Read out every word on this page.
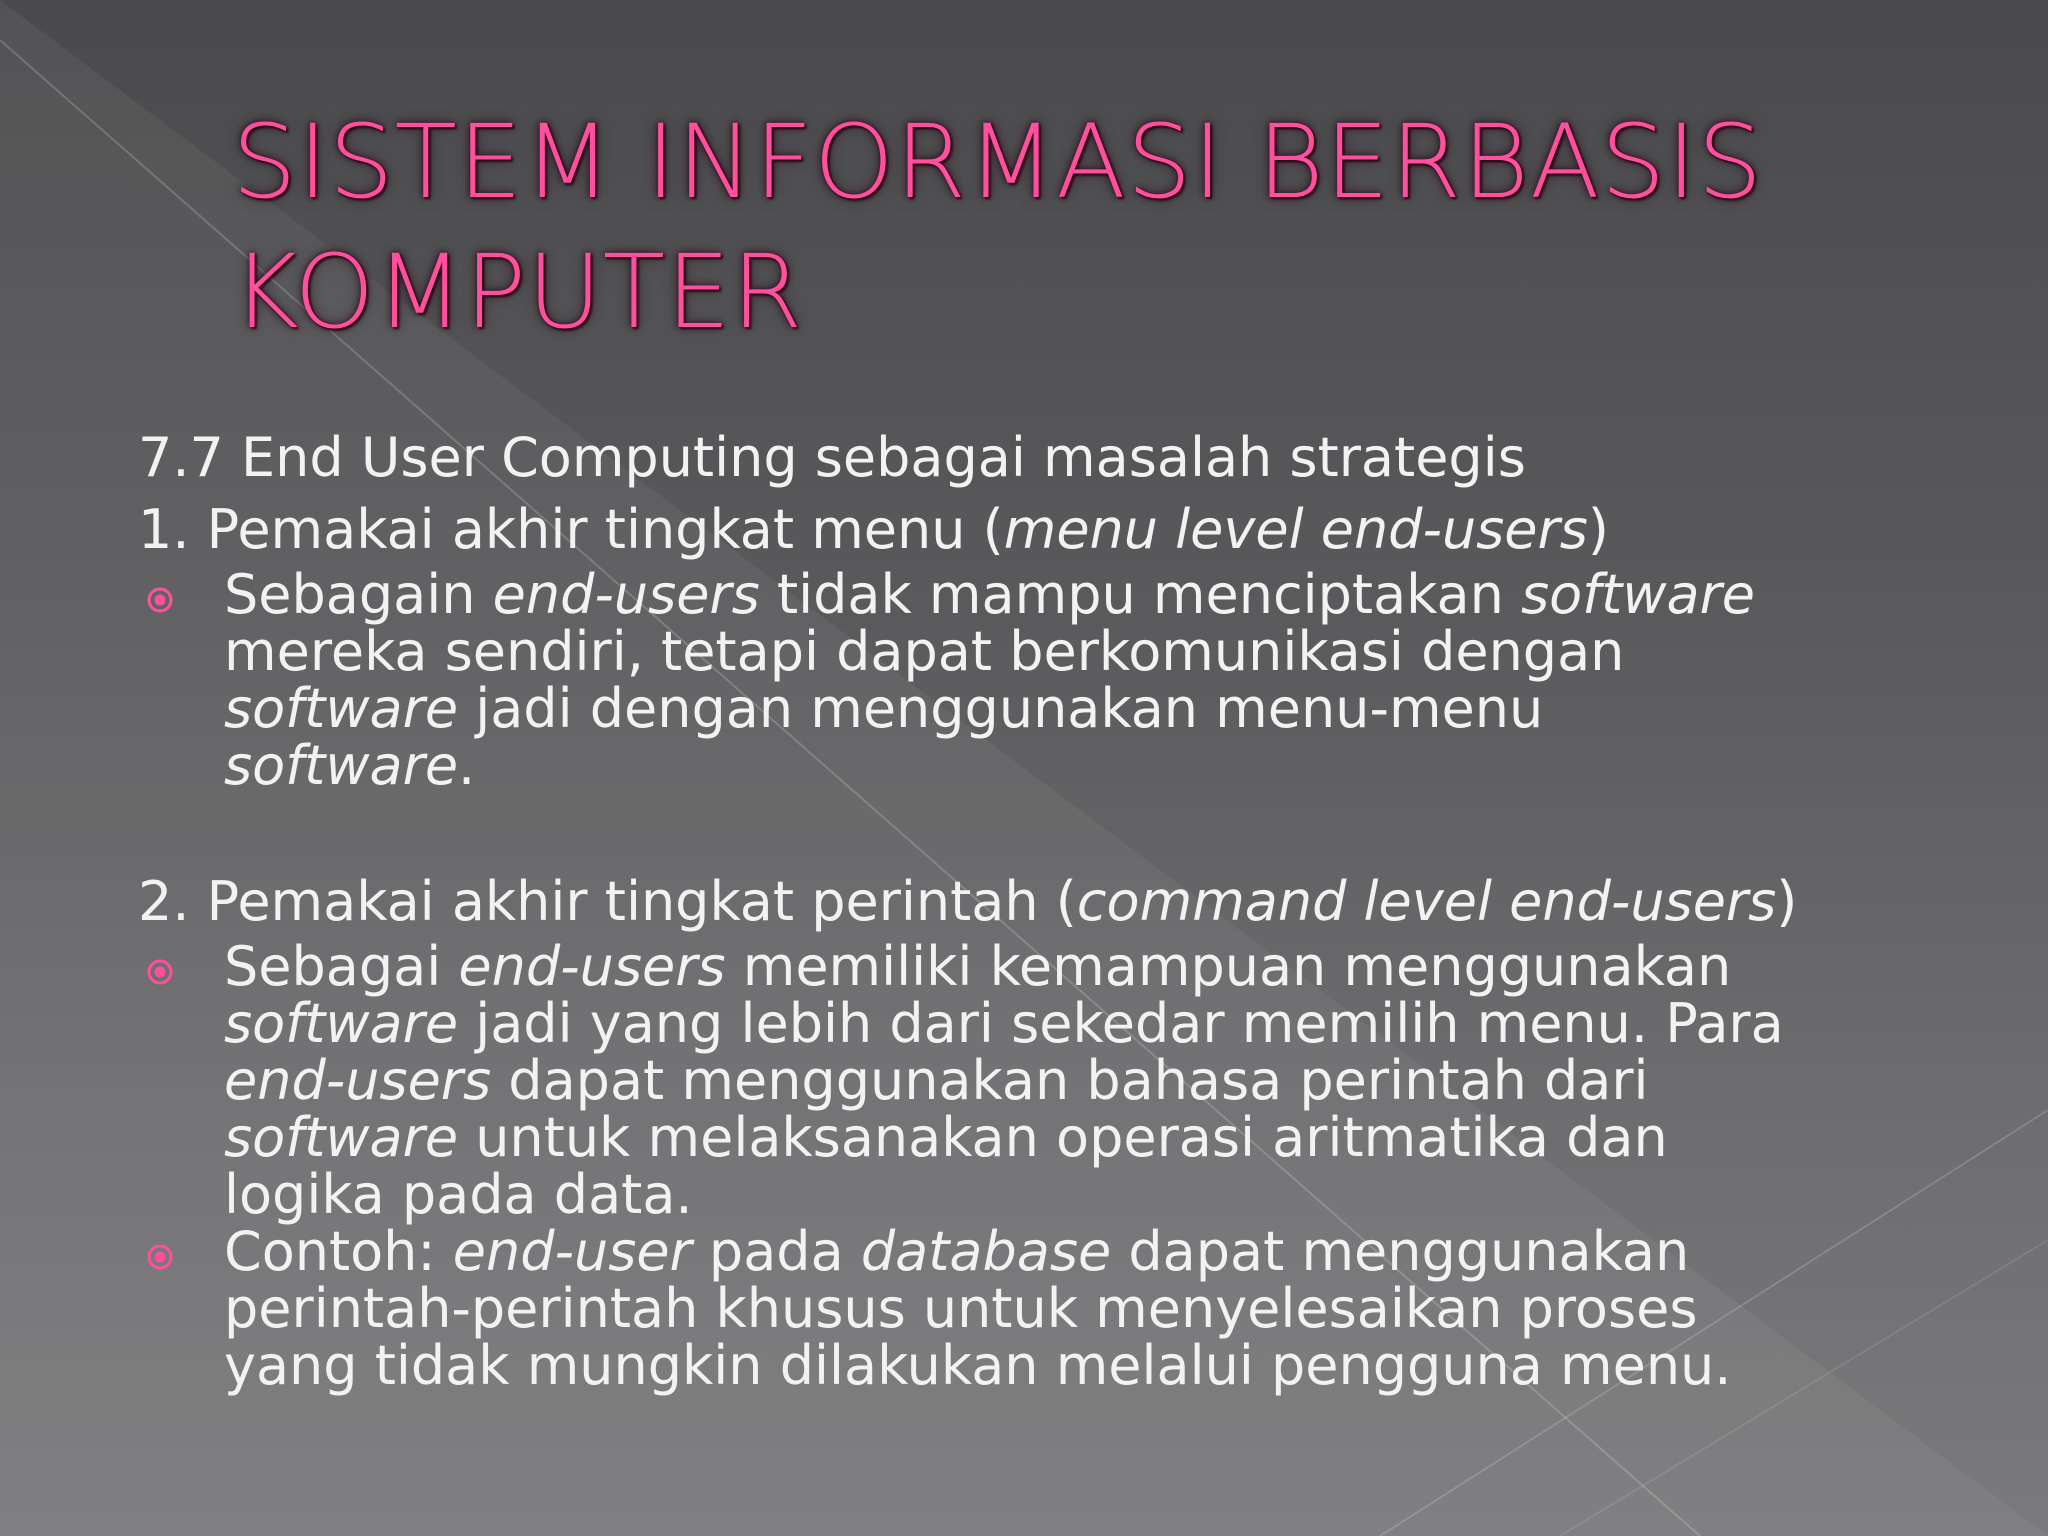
SISTEM INFORMASI BERBASIS
KOMPUTER

7.7 End User Computing sebagai masalah strategis

1. Pemakai akhir tingkat menu (menu level end-users)

Sebagain end-users tidak mampu menciptakan software
mereka sendiri, tetapi dapat berkomunikasi dengan
software jadi dengan menggunakan menu-menu
software.

2. Pemakai akhir tingkat perintah (command level end-users)

Sebagai end-users memiliki kemampuan menggunakan
software jadi yang lebih dari sekedar memilih menu. Para
end-users dapat menggunakan bahasa perintah dari
software untuk melaksanakan operasi aritmatika dan
logika pada data.
Contoh: end-user pada database dapat menggunakan
perintah-perintah khusus untuk menyelesaikan proses
yang tidak mungkin dilakukan melalui pengguna menu.
